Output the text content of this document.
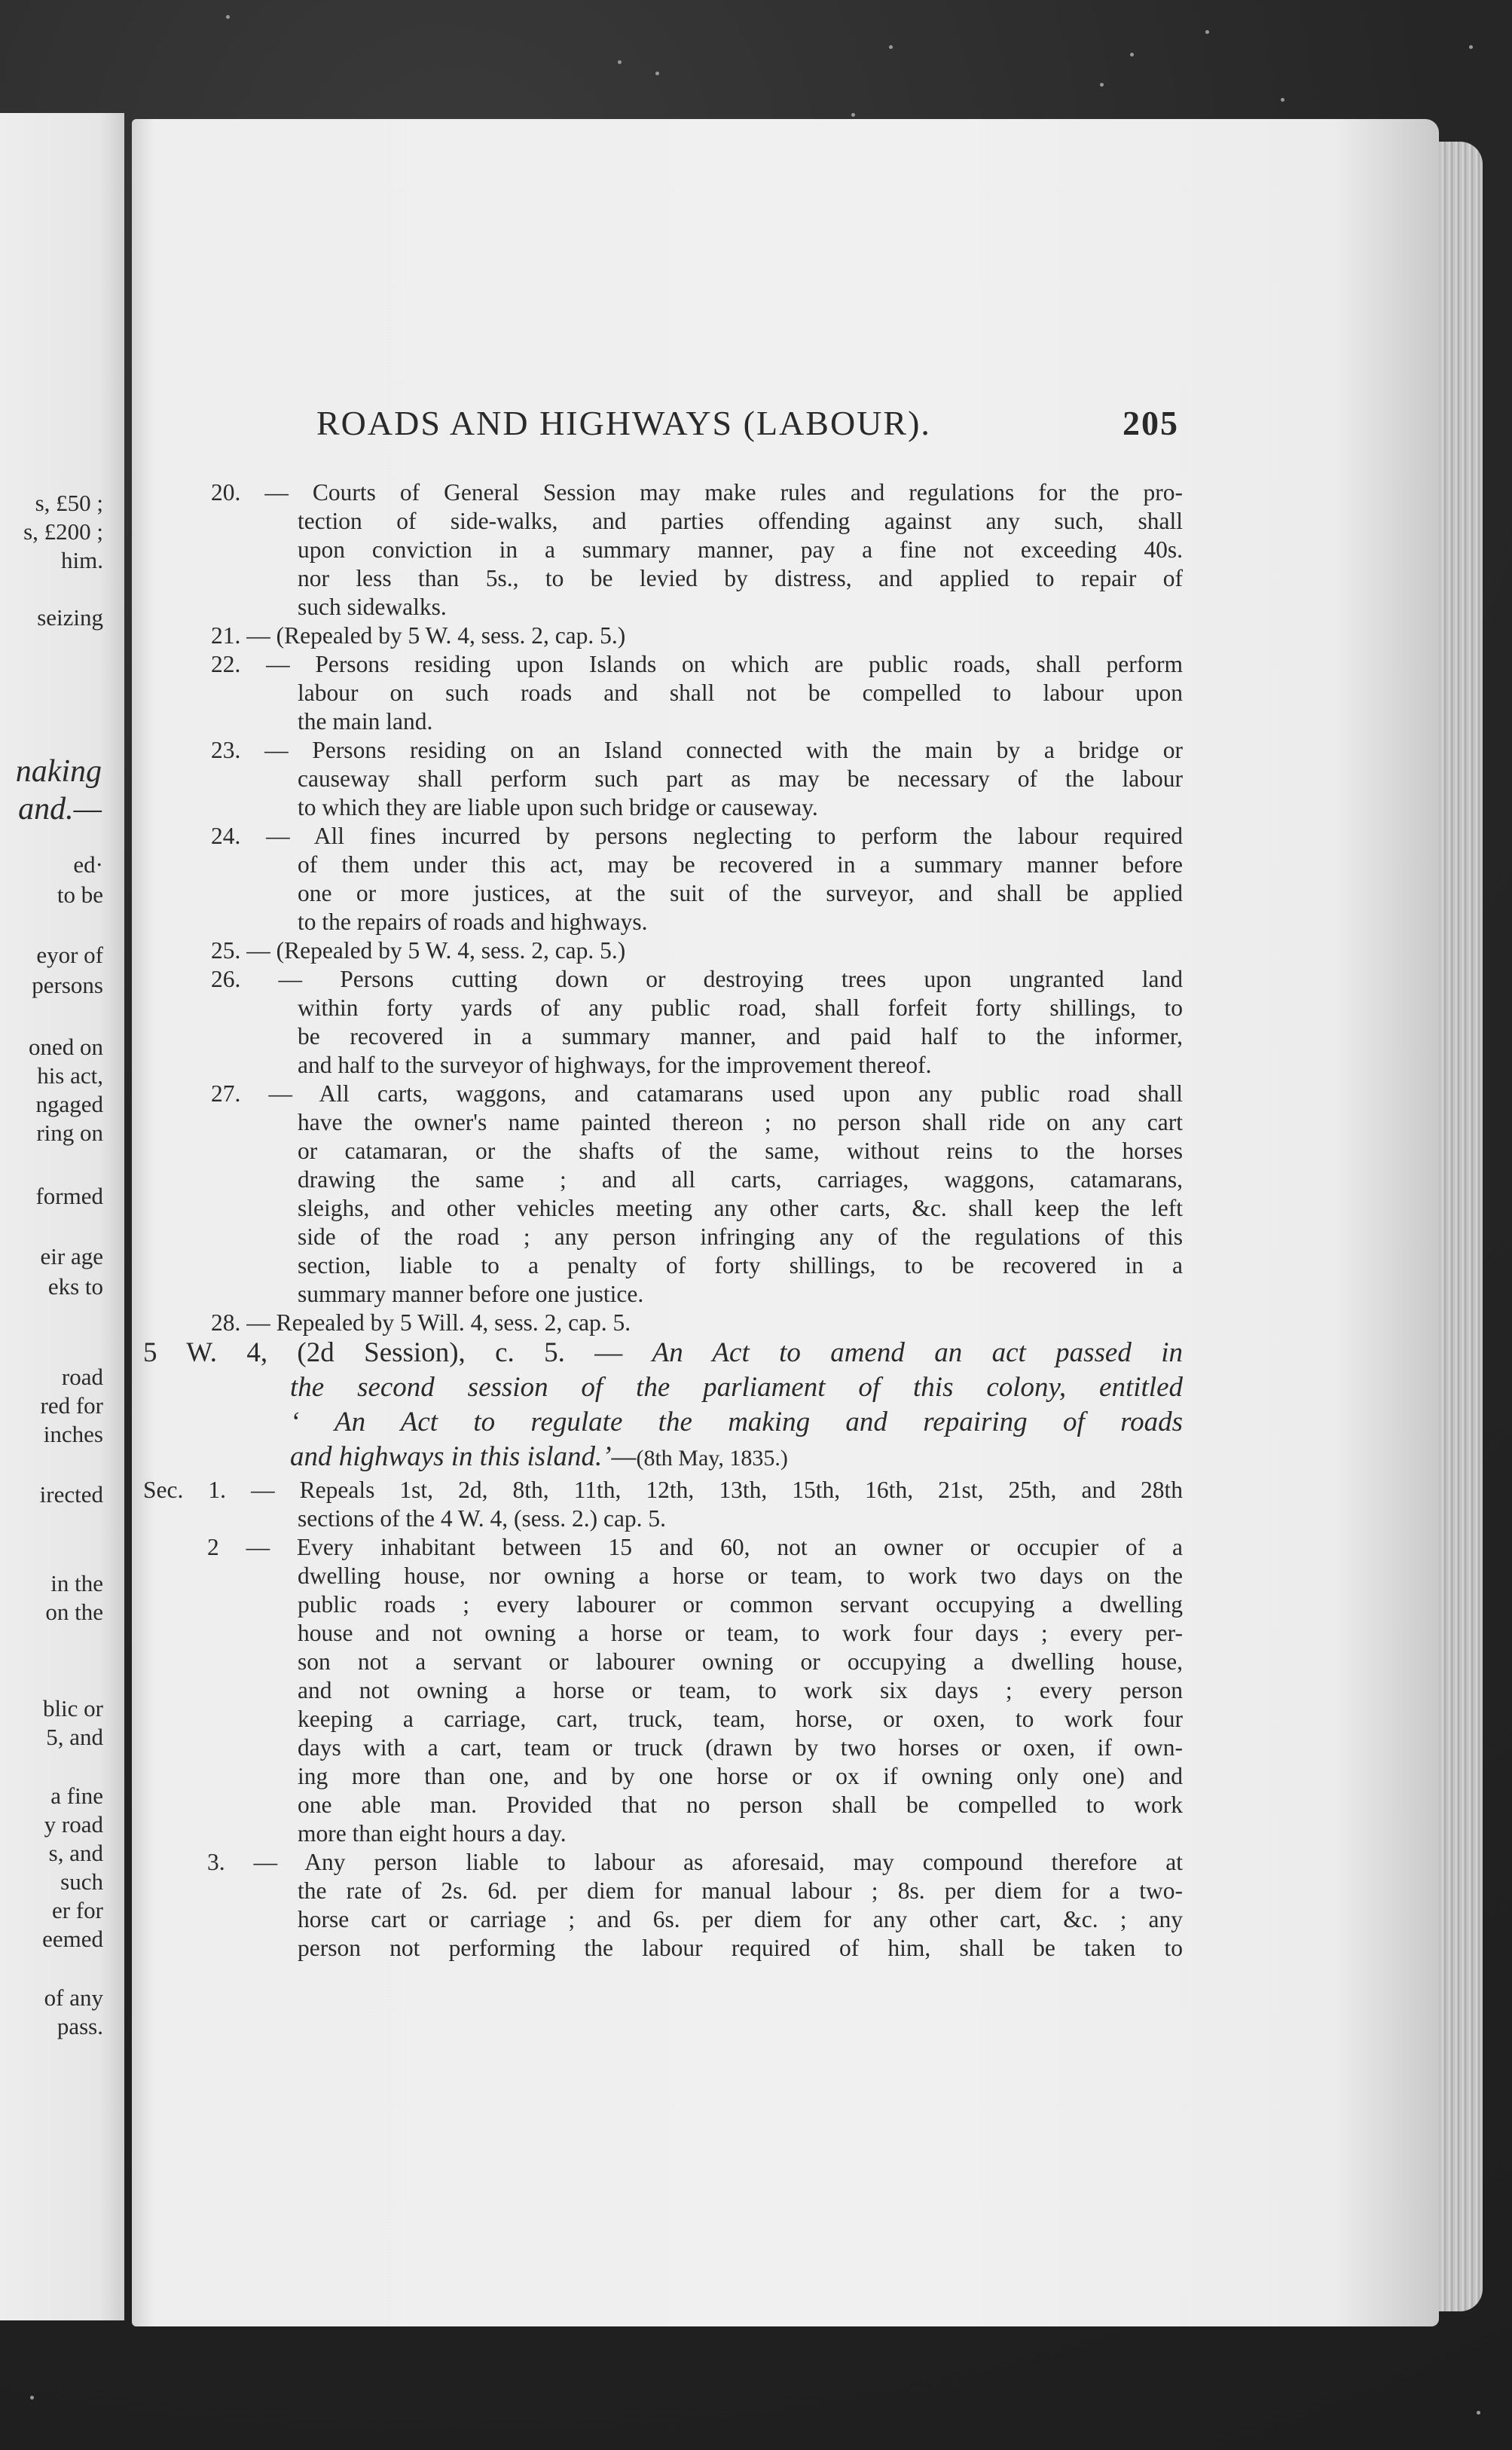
s, £50 ;
s, £200 ;
him.
seizing
naking
and.—
ed·
to be
eyor of
persons
oned on
his act,
ngaged
ring on
formed
eir age
eks to
road
red for
inches
irected
in the
on the
blic or
5, and
a fine
y road
s, and
such
er for
eemed
of any
pass.
ROADS AND HIGHWAYS (LABOUR).	205
20. — Courts of General Session may make rules and regulations for the pro-
tection of side-walks, and parties offending against any such, shall
upon conviction in a summary manner, pay a fine not exceeding 40s.
nor less than 5s., to be levied by distress, and applied to repair of
such sidewalks.
21. — (Repealed by 5 W. 4, sess. 2, cap. 5.)
22. — Persons residing upon Islands on which are public roads, shall perform
labour on such roads and shall not be compelled to labour upon
the main land.
23. — Persons residing on an Island connected with the main by a bridge or
causeway shall perform such part as may be necessary of the labour
to which they are liable upon such bridge or causeway.
24. — All fines incurred by persons neglecting to perform the labour required
of them under this act, may be recovered in a summary manner before
one or more justices, at the suit of the surveyor, and shall be applied
to the repairs of roads and highways.
25. — (Repealed by 5 W. 4, sess. 2, cap. 5.)
26. — Persons cutting down or destroying trees upon ungranted land
within forty yards of any public road, shall forfeit forty shillings, to
be recovered in a summary manner, and paid half to the informer,
and half to the surveyor of highways, for the improvement thereof.
27. — All carts, waggons, and catamarans used upon any public road shall
have the owner's name painted thereon ; no person shall ride on any cart
or catamaran, or the shafts of the same, without reins to the horses
drawing the same ; and all carts, carriages, waggons, catamarans,
sleighs, and other vehicles meeting any other carts, &c. shall keep the left
side of the road ; any person infringing any of the regulations of this
section, liable to a penalty of forty shillings, to be recovered in a
summary manner before one justice.
28. — Repealed by 5 Will. 4, sess. 2, cap. 5.
5 W. 4, (2d Session), c. 5. — An Act to amend an act passed in
the second session of the parliament of this colony, entitled
‘ An Act to regulate the making and repairing of roads
and highways in this island.’—(8th May, 1835.)
Sec. 1. — Repeals 1st, 2d, 8th, 11th, 12th, 13th, 15th, 16th, 21st, 25th, and 28th
sections of the 4 W. 4, (sess. 2.) cap. 5.
2 — Every inhabitant between 15 and 60, not an owner or occupier of a
dwelling house, nor owning a horse or team, to work two days on the
public roads ; every labourer or common servant occupying a dwelling
house and not owning a horse or team, to work four days ; every per-
son not a servant or labourer owning or occupying a dwelling house,
and not owning a horse or team, to work six days ; every person
keeping a carriage, cart, truck, team, horse, or oxen, to work four
days with a cart, team or truck (drawn by two horses or oxen, if own-
ing more than one, and by one horse or ox if owning only one) and
one able man. Provided that no person shall be compelled to work
more than eight hours a day.
3. — Any person liable to labour as aforesaid, may compound therefore at
the rate of 2s. 6d. per diem for manual labour ; 8s. per diem for a two-
horse cart or carriage ; and 6s. per diem for any other cart, &c. ; any
person not performing the labour required of him, shall be taken to
